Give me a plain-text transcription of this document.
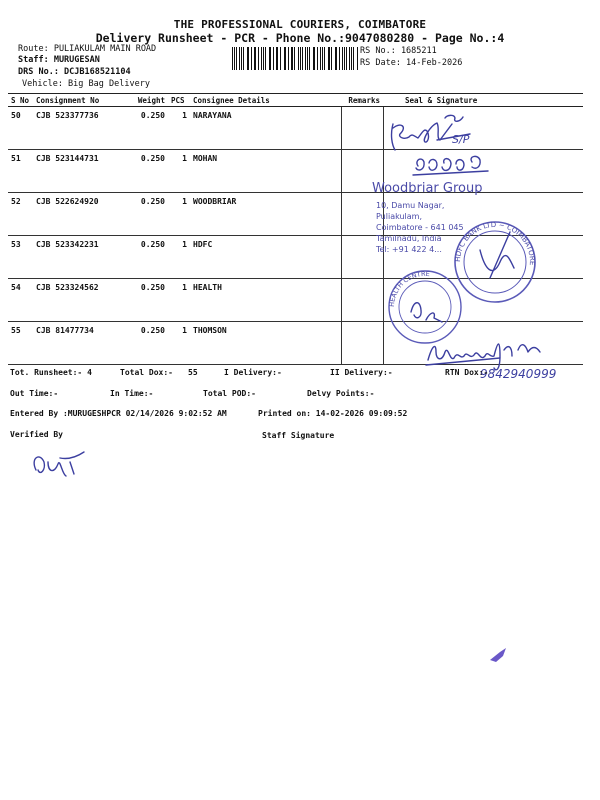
THE PROFESSIONAL COURIERS, COIMBATORE
Delivery Runsheet - PCR - Phone No.:9047080280 - Page No.:4
Route: PULIAKULAM MAIN ROAD
Staff: MURUGESAN
DRS No.: DCJB168521104
Vehicle: Big Bag Delivery
RS No.: 1685211
RS Date: 14-Feb-2026
S No	Consignment No	Weight	PCS	Consignee Details	Remarks	Seal & Signature
50	CJB 523377736	0.250	1	NARAYANA		
51	CJB 523144731	0.250	1	MOHAN		
52	CJB 522624920	0.250	1	WOODBRIAR		
53	CJB 523342231	0.250	1	HDFC		
54	CJB 523324562	0.250	1	HEALTH		
55	CJB 81477734	0.250	1	THOMSON		
S/P
Woodbriar Group
10, Damu Nagar,
Puliakulam,
Coimbatore - 641 045
Tamilnadu, India
Tel: +91 422 4...
HDFC BANK LTD ~ COIMBATORE
HEALTH CENTRE
9842940999
Tot. Runsheet:- 4	Total Dox:- 55	I Delivery:-	II Delivery:-	RTN Dox:-
Out Time:-	In Time:-	Total POD:-	Delvy Points:-
Entered By :MURUGESHPCR 02/14/2026 9:02:52 AM	Printed on: 14-02-2026 09:09:52
Verified By	Staff Signature
